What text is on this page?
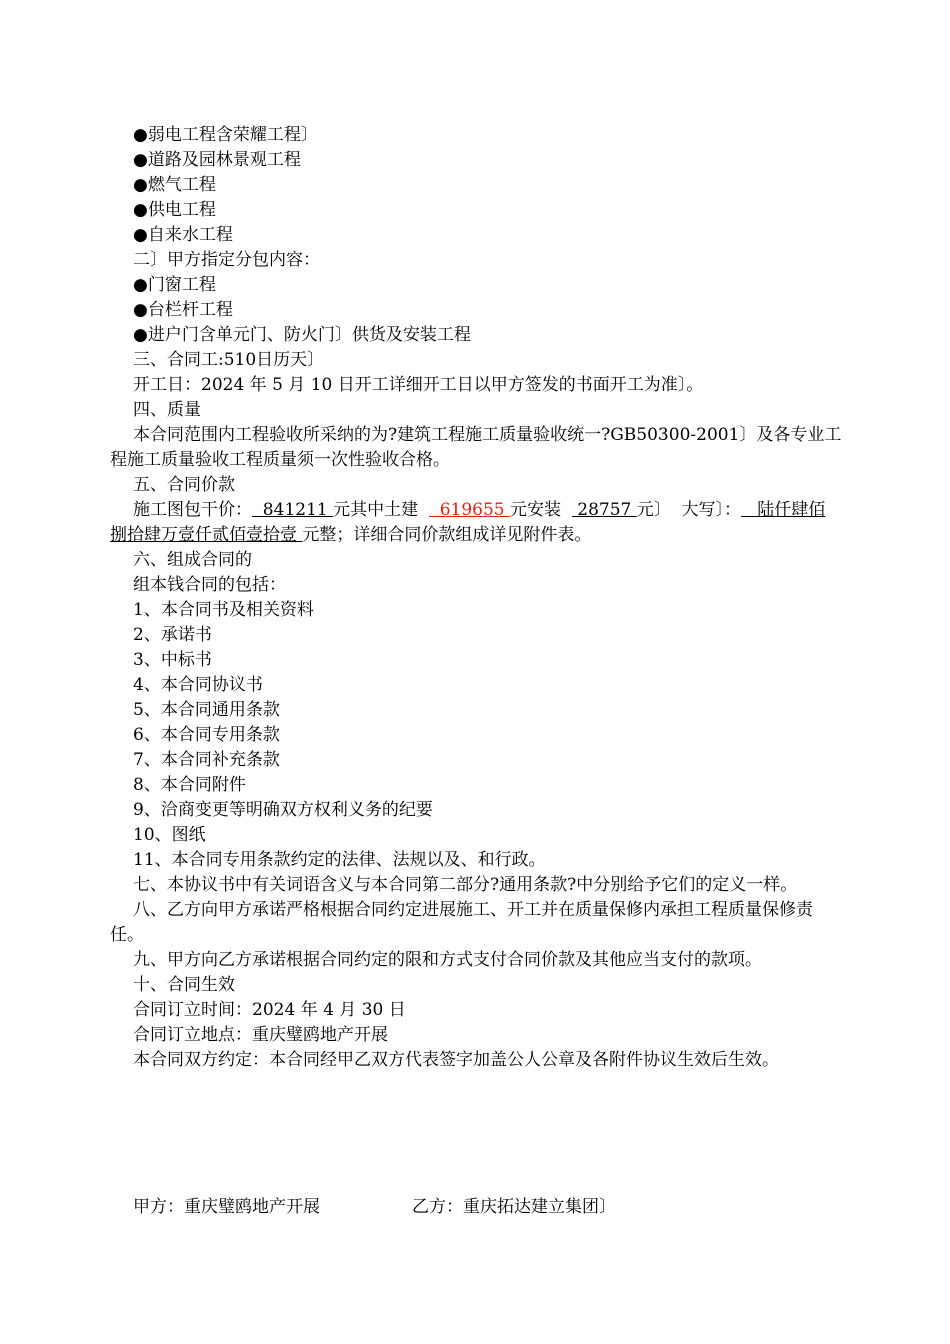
●弱电工程含荣耀工程〕
●道路及园林景观工程
●燃气工程
●供电工程
●自来水工程
二〕甲方指定分包内容：
●门窗工程
●台栏杆工程
●进户门含单元门、防火门〕供货及安装工程
三、合同工:510日历天〕
开工日：2024 年 5 月 10 日开工详细开工日以甲方签发的书面开工为准〕。
四、质量
本合同范围内工程验收所采纳的为?建筑工程施工质量验收统一?GB50300-2001〕及各专业工程施工质量验收工程质量须一次性验收合格。
五、合同价款
施工图包干价：  841211 元其中土建    619655 元安装   28757 元〕  大写〕：   陆仟肆佰捌拾肆万壹仟贰佰壹拾壹 元整；详细合同价款组成详见附件表。
六、组成合同的
组本钱合同的包括：
1、本合同书及相关资料
2、承诺书
3、中标书
4、本合同协议书
5、本合同通用条款
6、本合同专用条款
7、本合同补充条款
8、本合同附件
9、洽商变更等明确双方权利义务的纪要
10、图纸
11、本合同专用条款约定的法律、法规以及、和行政。
七、本协议书中有关词语含义与本合同第二部分?通用条款?中分别给予它们的定义一样。
八、乙方向甲方承诺严格根据合同约定进展施工、开工并在质量保修内承担工程质量保修责任。
九、甲方向乙方承诺根据合同约定的限和方式支付合同价款及其他应当支付的款项。
十、合同生效
合同订立时间：2024 年 4 月 30 日
合同订立地点：重庆璧鸥地产开展
本合同双方约定：本合同经甲乙双方代表签字加盖公人公章及各附件协议生效后生效。
甲方：重庆璧鸥地产开展	乙方：重庆拓达建立集团〕
